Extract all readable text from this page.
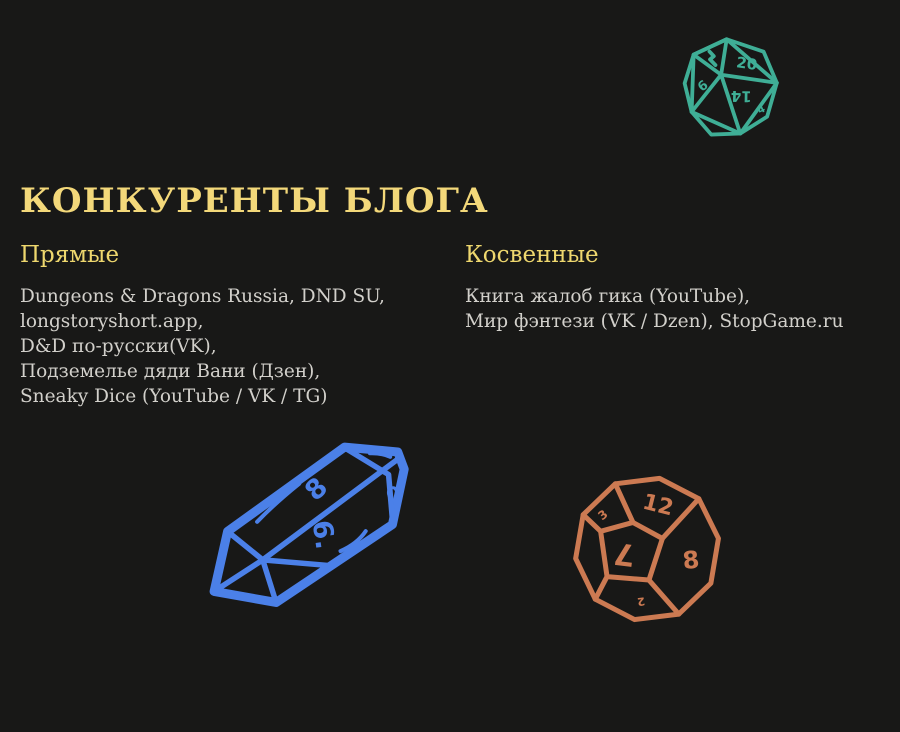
КОНКУРЕНТЫ БЛОГА
Прямые
Dungeons & Dragons Russia, DND SU,
longstoryshort.app,
D&D по-русски(VK),
Подземелье дяди Вани (Дзен),
Sneaky Dice (YouTube / VK / TG)
Косвенные
Книга жалоб гика (YouTube),
Мир фэнтези (VK / Dzen), StopGame.ru
20
14
6
4
8 0
6.
12
7 8
3
2
